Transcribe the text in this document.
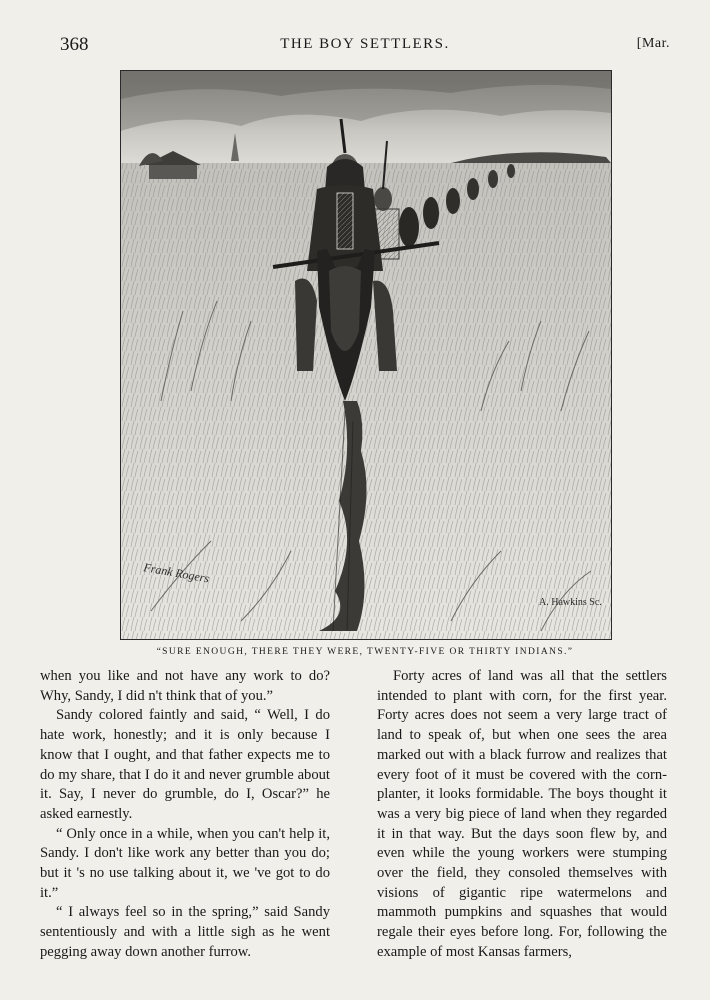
368	THE BOY SETTLERS.	[Mar.
Frank Rogers
A. Hawkins Sc.
“SURE ENOUGH, THERE THEY WERE, TWENTY-FIVE OR THIRTY INDIANS.”

when you like and not have any work to do? Why, Sandy, I did n't think that of you.”

Sandy colored faintly and said, “ Well, I do hate work, honestly; and it is only because I know that I ought, and that father expects me to do my share, that I do it and never grumble about it. Say, I never do grumble, do I, Oscar?” he asked earnestly.

“ Only once in a while, when you can't help it, Sandy. I don't like work any better than you do; but it 's no use talking about it, we 've got to do it.”

“ I always feel so in the spring,” said Sandy sententiously and with a little sigh as he went pegging away down another furrow.

Forty acres of land was all that the settlers intended to plant with corn, for the first year. Forty acres does not seem a very large tract of land to speak of, but when one sees the area marked out with a black furrow and realizes that every foot of it must be covered with the corn-planter, it looks formidable. The boys thought it was a very big piece of land when they regarded it in that way. But the days soon flew by, and even while the young workers were stumping over the field, they consoled themselves with visions of gigantic ripe watermelons and mammoth pumpkins and squashes that would regale their eyes before long. For, following the example of most Kansas farmers,
